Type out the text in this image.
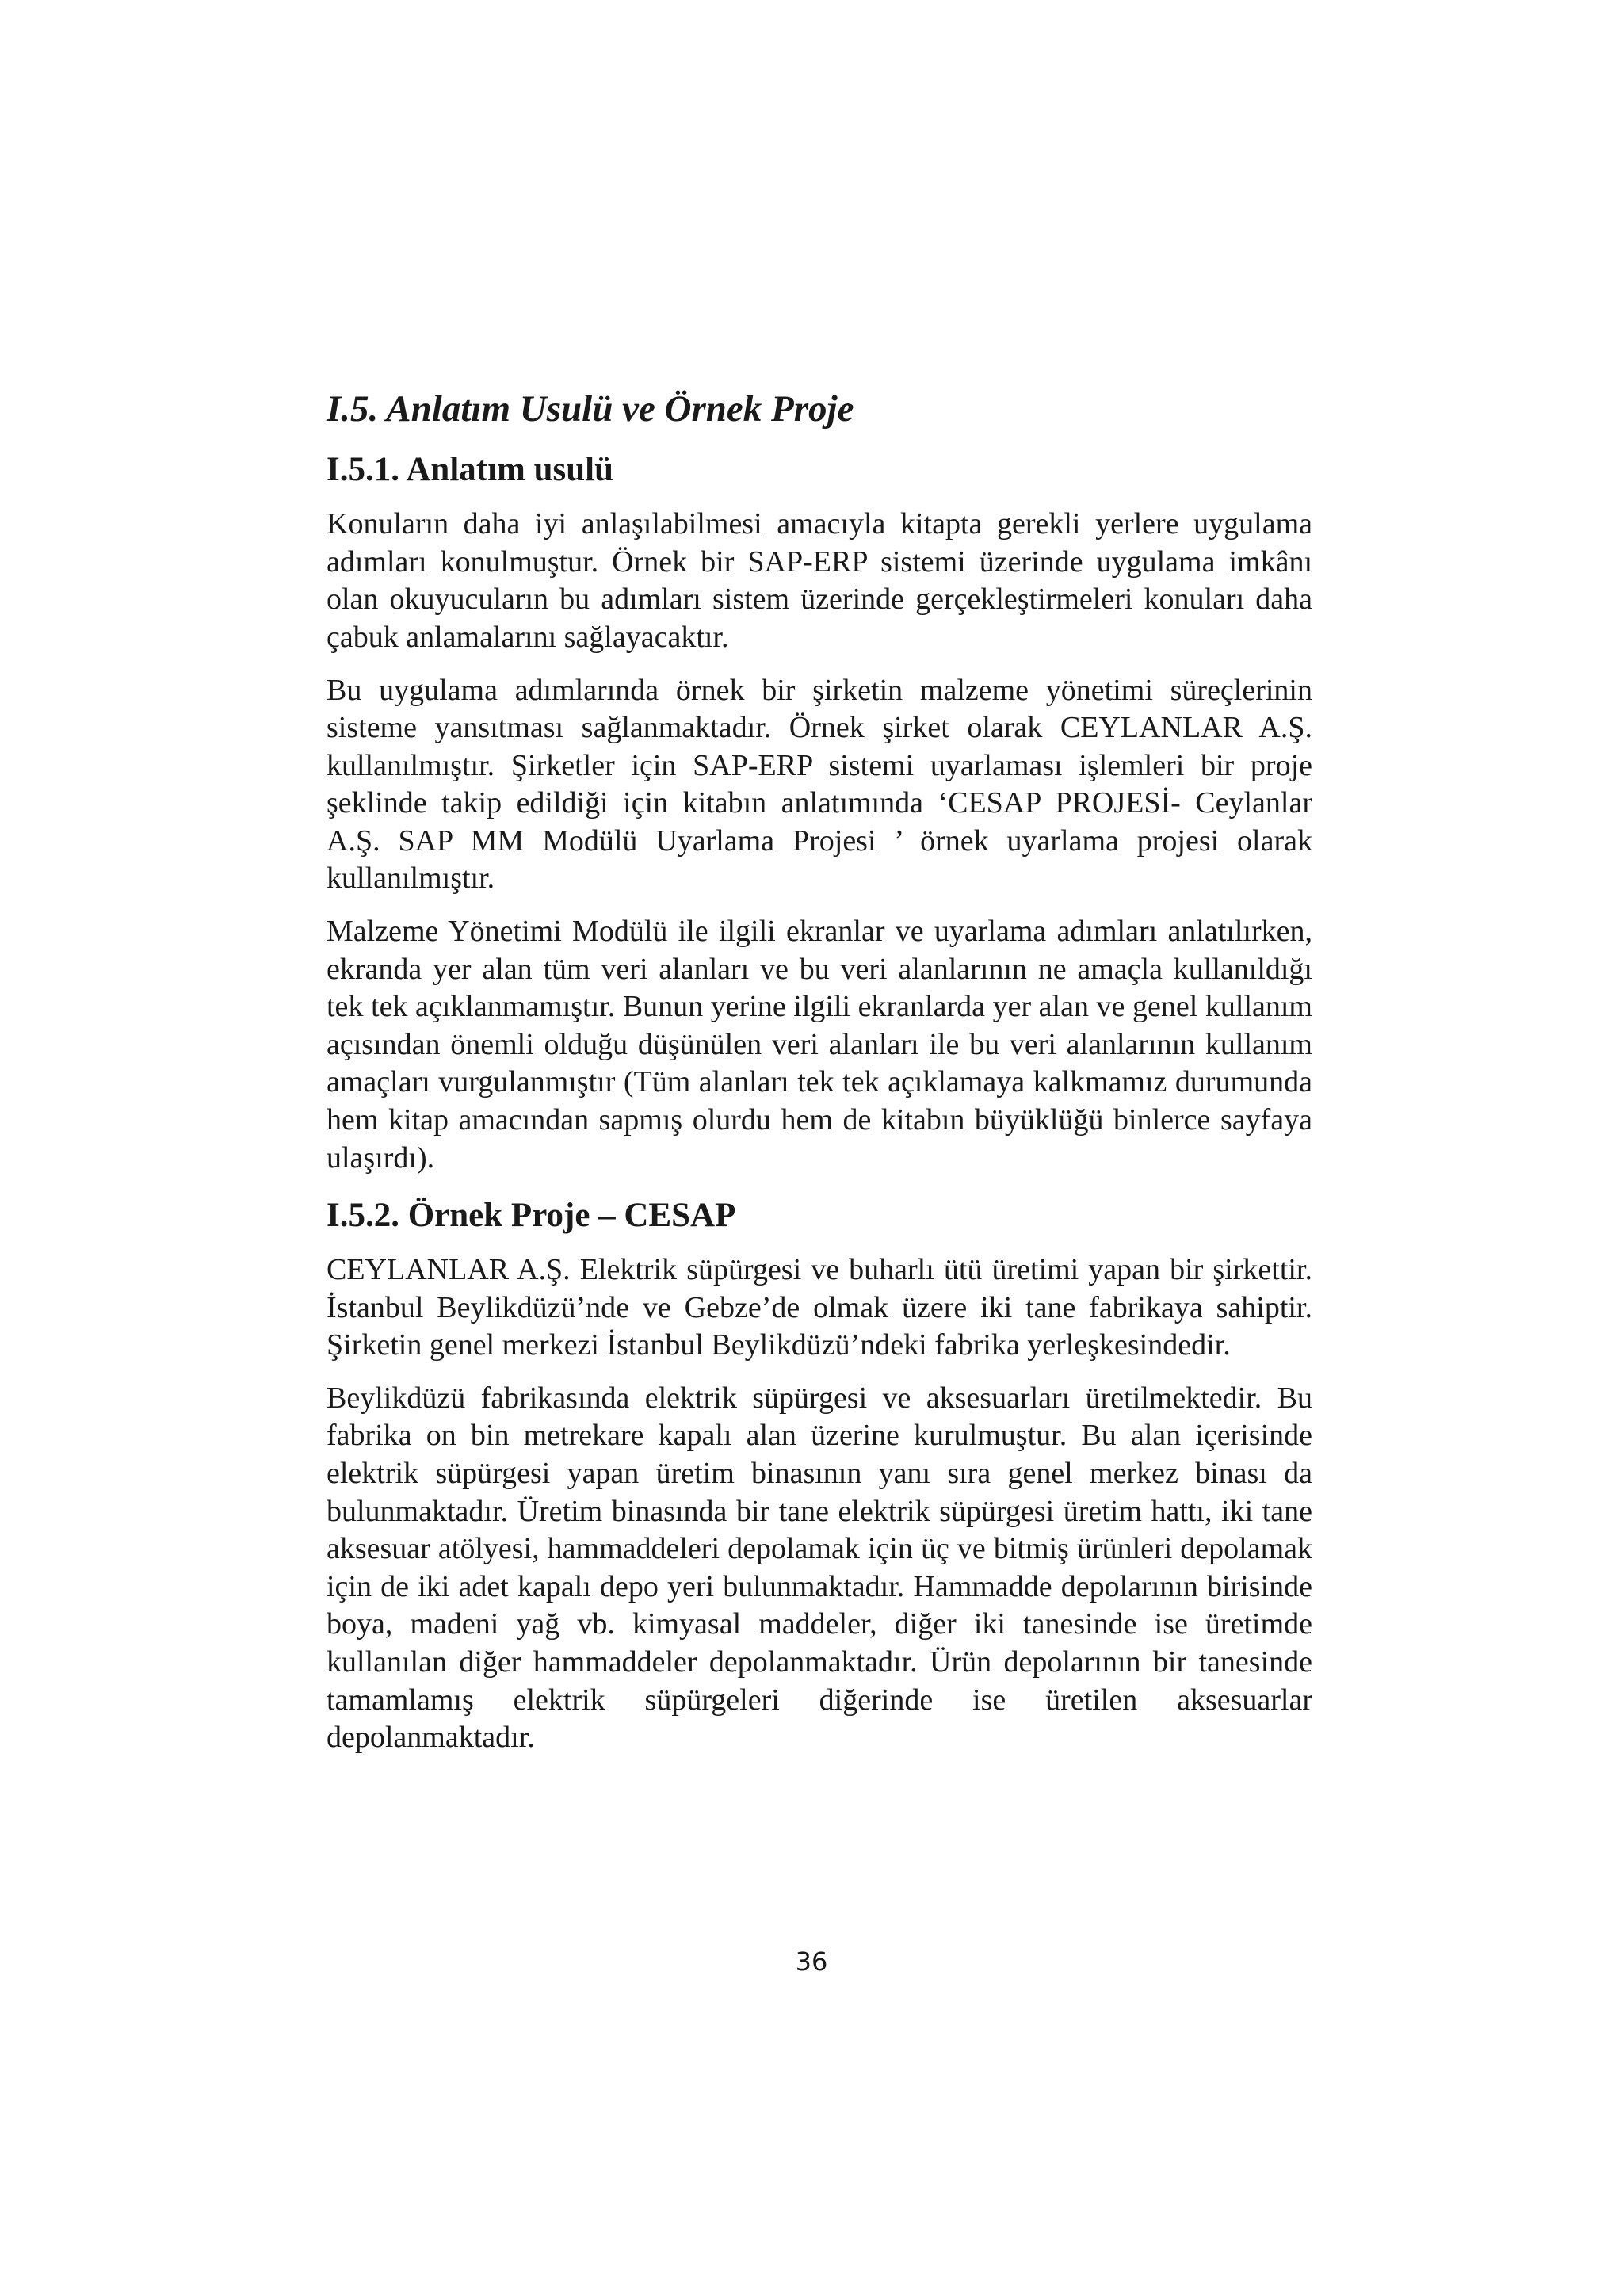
I.5. Anlatım Usulü ve Örnek Proje
I.5.1. Anlatım usulü

Konuların daha iyi anlaşılabilmesi amacıyla kitapta gerekli yerlere uygulama adımları konulmuştur. Örnek bir SAP-ERP sistemi üzerinde uygulama imkânı olan okuyucuların bu adımları sistem üzerinde gerçekleştirmeleri konuları daha çabuk anlamalarını sağlayacaktır.

Bu uygulama adımlarında örnek bir şirketin malzeme yönetimi süreçlerinin sisteme yansıtması sağlanmaktadır. Örnek şirket olarak CEYLANLAR A.Ş. kullanılmıştır. Şirketler için SAP-ERP sistemi uyarlaması işlemleri bir proje şeklinde takip edildiği için kitabın anlatımında ‘CESAP PROJESİ- Ceylanlar A.Ş. SAP MM Modülü Uyarlama Projesi ’ örnek uyarlama projesi olarak kullanılmıştır.

Malzeme Yönetimi Modülü ile ilgili ekranlar ve uyarlama adımları anlatılırken, ekranda yer alan tüm veri alanları ve bu veri alanlarının ne amaçla kullanıldığı tek tek açıklanmamıştır. Bunun yerine ilgili ekranlarda yer alan ve genel kullanım açısından önemli olduğu düşünülen veri alanları ile bu veri alanlarının kullanım amaçları vurgulanmıştır (Tüm alanları tek tek açıklamaya kalkmamız durumunda hem kitap amacından sapmış olurdu hem de kitabın büyüklüğü binlerce sayfaya ulaşırdı).

I.5.2. Örnek Proje – CESAP

CEYLANLAR A.Ş. Elektrik süpürgesi ve buharlı ütü üretimi yapan bir şirkettir. İstanbul Beylikdüzü’nde ve Gebze’de olmak üzere iki tane fabrikaya sahiptir. Şirketin genel merkezi İstanbul Beylikdüzü’ndeki fabrika yerleşkesindedir.

Beylikdüzü fabrikasında elektrik süpürgesi ve aksesuarları üretilmektedir. Bu fabrika on bin metrekare kapalı alan üzerine kurulmuştur. Bu alan içerisinde elektrik süpürgesi yapan üretim binasının yanı sıra genel merkez binası da bulunmaktadır. Üretim binasında bir tane elektrik süpürgesi üretim hattı, iki tane aksesuar atölyesi, hammaddeleri depolamak için üç ve bitmiş ürünleri depolamak için de iki adet kapalı depo yeri bulunmaktadır. Hammadde depolarının birisinde boya, madeni yağ vb. kimyasal maddeler, diğer iki tanesinde ise üretimde kullanılan diğer hammaddeler depolanmaktadır. Ürün depolarının bir tanesinde tamamlamış elektrik süpürgeleri diğerinde ise üretilen aksesuarlar depolanmaktadır.

36
